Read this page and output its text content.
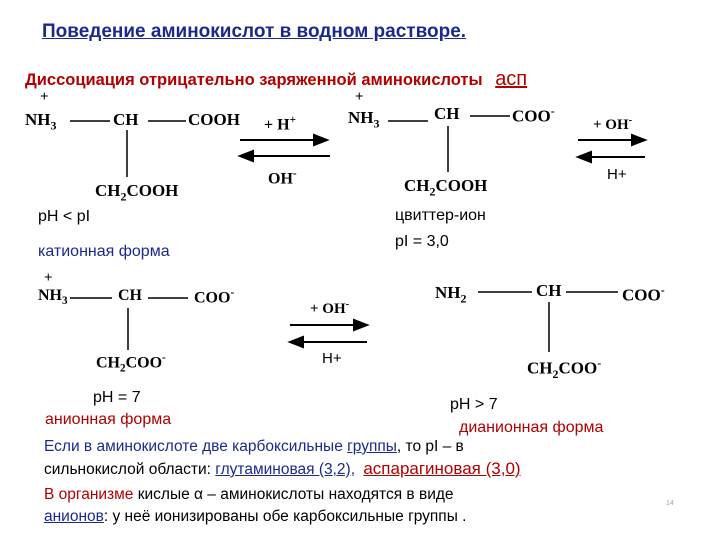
Поведение аминокислот в водном растворе.
Диссоциация отрицательно заряженной аминокислоты асп
+
$NH_3$	CH	COOH
$CH_2COOH$
+ H+
OH-
+
$NH_3$
CH	COO-
$CH_2COOH$
+ OH-
H+
pH < pI
катионная форма
цвиттер-ион
pI = 3,0
+
$NH_3$	CH	COO-
$CH_2COO^-$
+ OH-
H+
$NH_2$	CH	COO-
$CH_2COO^-$
pH = 7	pH > 7
анионная форма	дианионная форма
Если в аминокислоте две карбоксильные группы, то pI – в
сильнокислой области: глутаминовая (3,2), аспарагиновая (3,0)
В организме кислые α – аминокислоты находятся в виде
анионов: у неё ионизированы обе карбоксильные группы .
14
